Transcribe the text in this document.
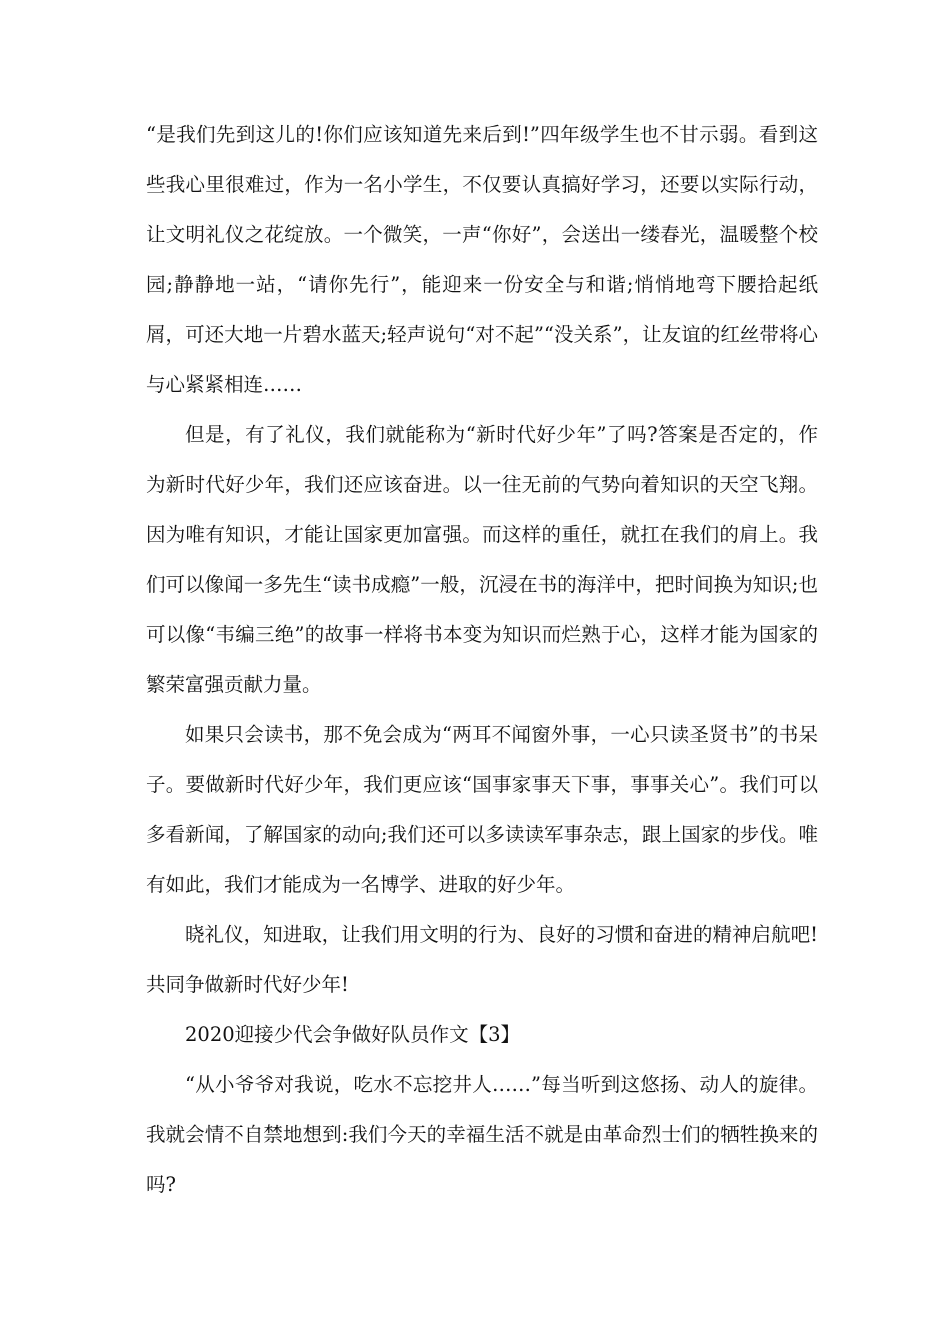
“是我们先到这儿的!你们应该知道先来后到!”四年级学生也不甘示弱。看到这些我心里很难过，作为一名小学生，不仅要认真搞好学习，还要以实际行动，让文明礼仪之花绽放。一个微笑，一声“你好”，会送出一缕春光，温暖整个校园;静静地一站，“请你先行”，能迎来一份安全与和谐;悄悄地弯下腰拾起纸屑，可还大地一片碧水蓝天;轻声说句“对不起”“没关系”，让友谊的红丝带将心与心紧紧相连……

但是，有了礼仪，我们就能称为“新时代好少年”了吗?答案是否定的，作为新时代好少年，我们还应该奋进。以一往无前的气势向着知识的天空飞翔。因为唯有知识，才能让国家更加富强。而这样的重任，就扛在我们的肩上。我们可以像闻一多先生“读书成瘾”一般，沉浸在书的海洋中，把时间换为知识;也可以像“韦编三绝”的故事一样将书本变为知识而烂熟于心，这样才能为国家的繁荣富强贡献力量。

如果只会读书，那不免会成为“两耳不闻窗外事，一心只读圣贤书”的书呆子。要做新时代好少年，我们更应该“国事家事天下事，事事关心”。我们可以多看新闻，了解国家的动向;我们还可以多读读军事杂志，跟上国家的步伐。唯有如此，我们才能成为一名博学、进取的好少年。

晓礼仪，知进取，让我们用文明的行为、良好的习惯和奋进的精神启航吧!共同争做新时代好少年!

2020迎接少代会争做好队员作文【3】

“从小爷爷对我说，吃水不忘挖井人……”每当听到这悠扬、动人的旋律。我就会情不自禁地想到:我们今天的幸福生活不就是由革命烈士们的牺牲换来的吗?
